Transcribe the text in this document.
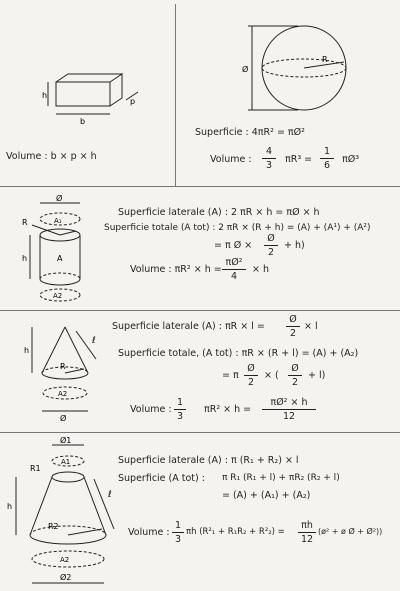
h
p
b
Volume : b × p × h
Ø
R
Superficie : 4πR² = πØ²
Volume :
4
3
πR³ =
1
6
πØ³
Ø
A₁
R
h	A
A2
Superficie laterale (A) : 2 πR × h = πØ × h
Superficie totale (A tot) : 2 πR × (R + h) = (A) + (A¹) + (A²)
= π Ø ×
Ø
2
+ h)
Volume : πR² × h =
πØ²
4
× h
h
ℓ
R
A2
Ø
Superficie laterale (A) : πR × l =
Ø
2
× l
Superficie totale, (A tot) : πR × (R + l) = (A) + (A₂)
= π
Ø
2
× (
Ø
2
+ l)
Volume :
1
3
πR² × h =
πØ² × h
12
Ø1
A1
R1
h
ℓ
R2
A2
Ø2
Superficie laterale (A) : π (R₁ + R₂) × l
Superficie (A tot) : π R₁ (R₁ + l) + πR₂ (R₂ + l)
= (A) + (A₁) + (A₂)
Volume :
1
3
πh (R²₁ + R₁R₂ + R²₂) =
πh
12
(ø² + ø Ø + Ø²))
